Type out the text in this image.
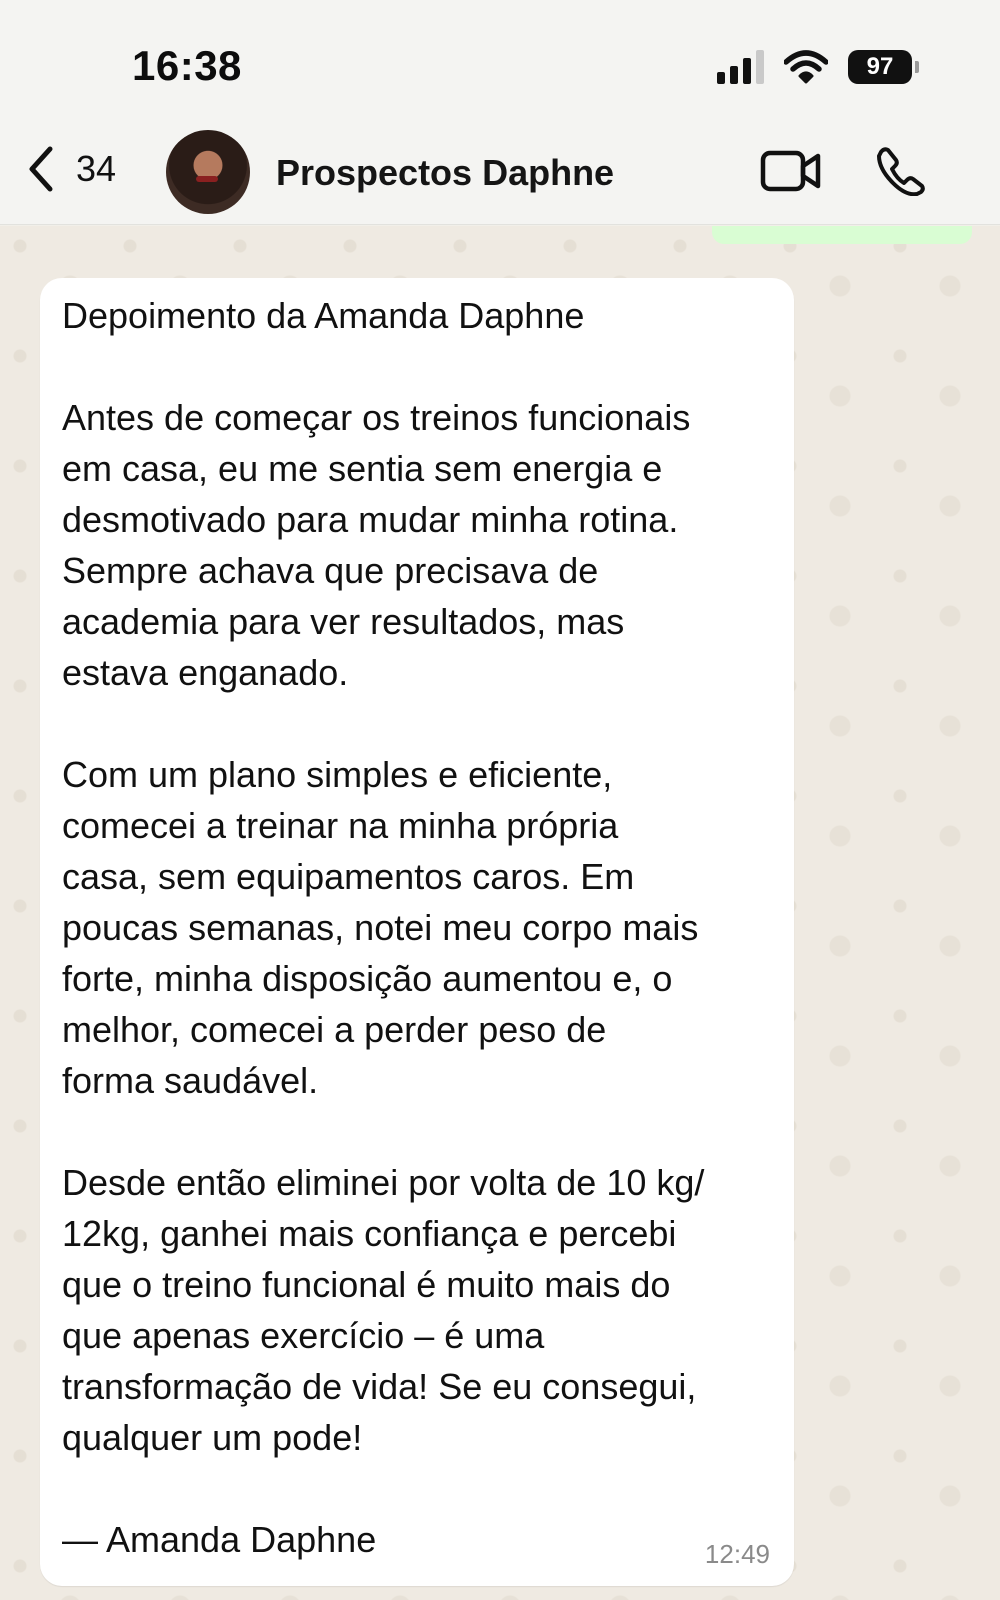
16:38	97
34	Prospectos Daphne
Depoimento da Amanda Daphne

Antes de começar os treinos funcionais
em casa, eu me sentia sem energia e
desmotivado para mudar minha rotina.
Sempre achava que precisava de
academia para ver resultados, mas
estava enganado.

Com um plano simples e eficiente,
comecei a treinar na minha própria
casa, sem equipamentos caros. Em
poucas semanas, notei meu corpo mais
forte, minha disposição aumentou e, o
melhor, comecei a perder peso de
forma saudável.

Desde então eliminei por volta de 10 kg/
12kg, ganhei mais confiança e percebi
que o treino funcional é muito mais do
que apenas exercício – é uma
transformação de vida! Se eu consegui,
qualquer um pode!

— Amanda Daphne	12:49
